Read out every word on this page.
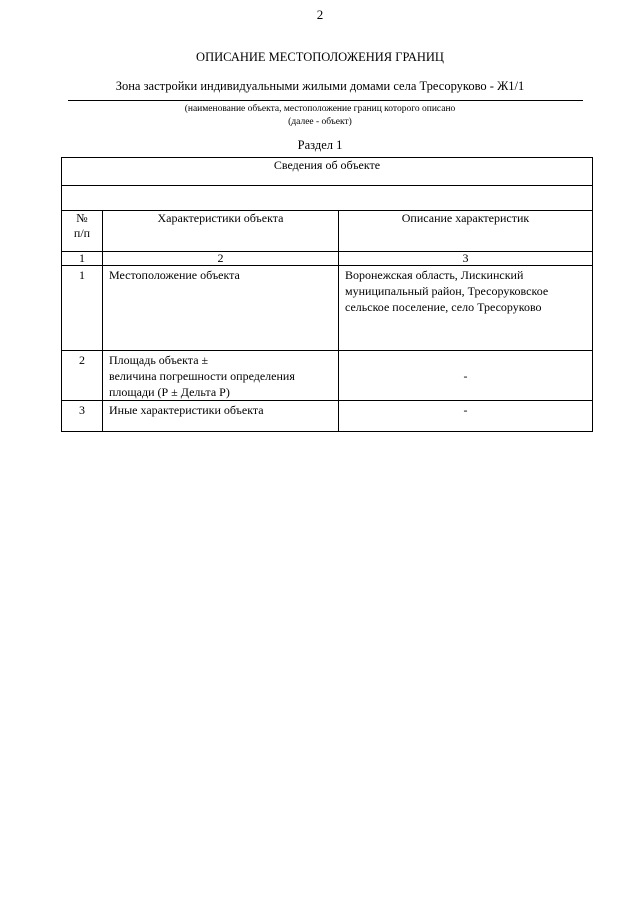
2
ОПИСАНИЕ МЕСТОПОЛОЖЕНИЯ ГРАНИЦ
Зона застройки индивидуальными жилыми домами села Тресоруково - Ж1/1
(наименование объекта, местоположение границ которого описано
(далее - объект)
Раздел 1
Сведения об объекте		

№
п/п	Характеристики объекта	Описание характеристик
1	2	3
1	Местоположение объекта	Воронежская область, Лискинский
муниципальный район, Тресоруковское
сельское поселение, село Тресоруково

2	Площадь объекта ±
величина погрешности определения
площади (Р ± Дельта Р)	-
3	Иные характеристики объекта	-
